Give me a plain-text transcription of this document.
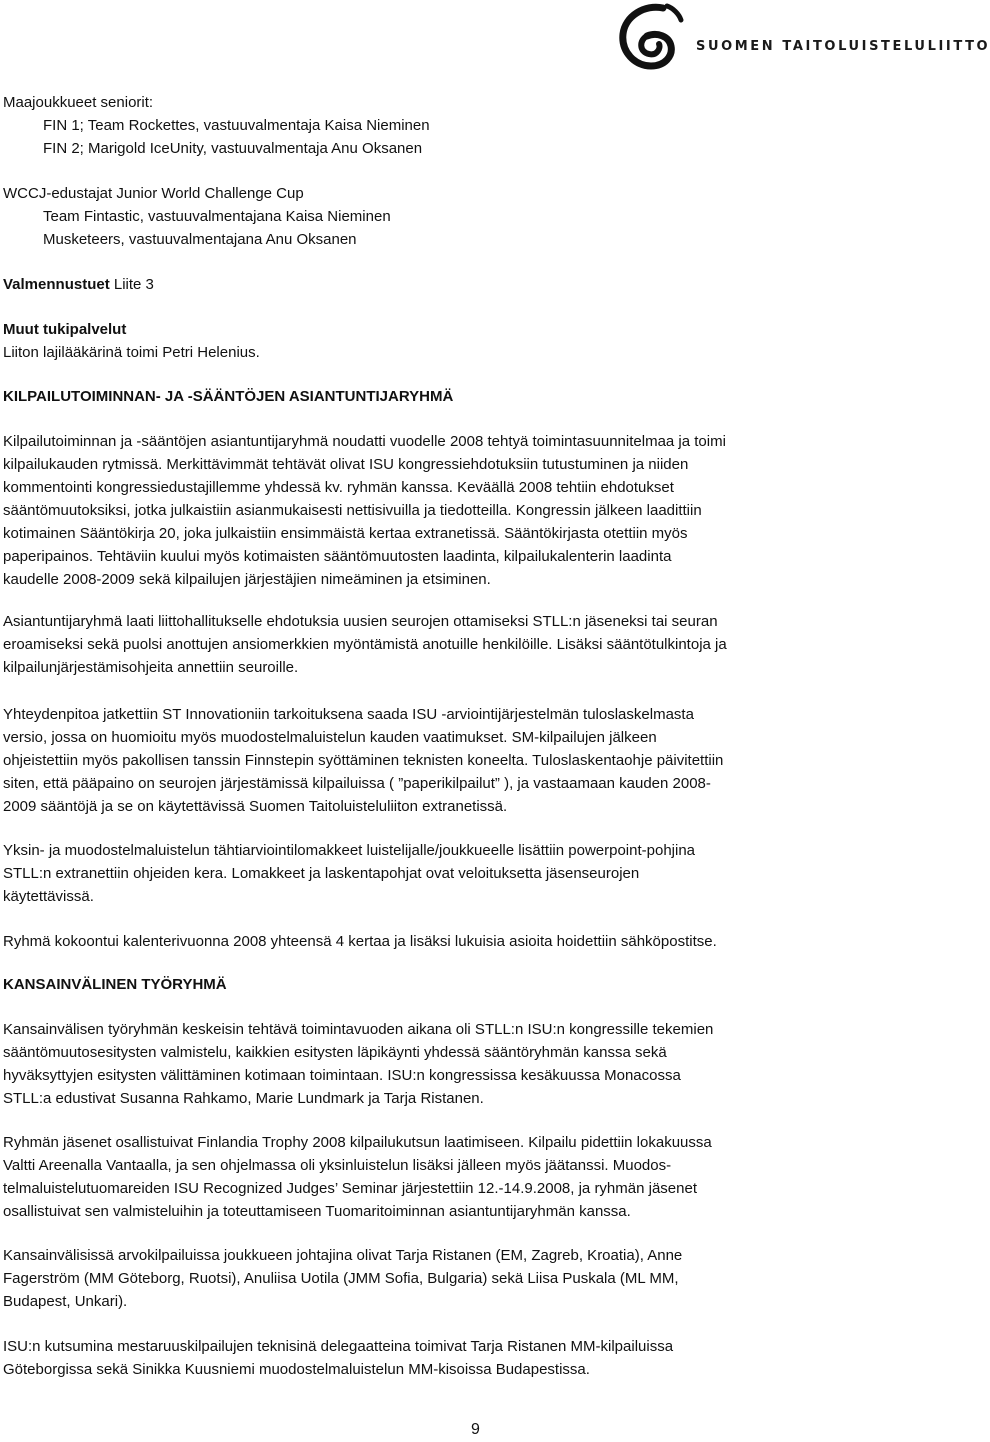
SUOMEN TAITOLUISTELULIITTO
Maajoukkueet seniorit:
FIN 1; Team Rockettes, vastuuvalmentaja Kaisa Nieminen
FIN 2; Marigold IceUnity, vastuuvalmentaja Anu Oksanen
WCCJ-edustajat Junior World Challenge Cup
Team Fintastic, vastuuvalmentajana Kaisa Nieminen
Musketeers, vastuuvalmentajana Anu Oksanen
Valmennustuet Liite 3
Muut tukipalvelut
Liiton lajilääkärinä toimi Petri Helenius.
KILPAILUTOIMINNAN- JA -SÄÄNTÖJEN ASIANTUNTIJARYHMÄ
Kilpailutoiminnan ja -sääntöjen asiantuntijaryhmä noudatti vuodelle 2008 tehtyä toimintasuunnitelmaa ja toimi
kilpailukauden rytmissä. Merkittävimmät tehtävät olivat ISU kongressiehdotuksiin tutustuminen ja niiden
kommentointi kongressiedustajillemme yhdessä kv. ryhmän kanssa. Keväällä 2008 tehtiin ehdotukset
sääntömuutoksiksi, jotka julkaistiin asianmukaisesti nettisivuilla ja tiedotteilla. Kongressin jälkeen laadittiin
kotimainen Sääntökirja 20, joka julkaistiin ensimmäistä kertaa extranetissä. Sääntökirjasta otettiin myös
paperipainos. Tehtäviin kuului myös kotimaisten sääntömuutosten laadinta, kilpailukalenterin laadinta
kaudelle 2008-2009 sekä kilpailujen järjestäjien nimeäminen ja etsiminen.
Asiantuntijaryhmä laati liittohallitukselle ehdotuksia uusien seurojen ottamiseksi STLL:n jäseneksi tai seuran
eroamiseksi sekä puolsi anottujen ansiomerkkien myöntämistä anotuille henkilöille. Lisäksi sääntötulkintoja ja
kilpailunjärjestämisohjeita annettiin seuroille.
Yhteydenpitoa jatkettiin ST Innovationiin tarkoituksena saada ISU -arviointijärjestelmän tuloslaskelmasta
versio, jossa on huomioitu myös muodostelmaluistelun kauden vaatimukset. SM-kilpailujen jälkeen
ohjeistettiin myös pakollisen tanssin Finnstepin syöttäminen teknisten koneelta. Tuloslaskentaohje päivitettiin
siten, että pääpaino on seurojen järjestämissä kilpailuissa ( ”paperikilpailut” ), ja vastaamaan kauden 2008-
2009 sääntöjä ja se on käytettävissä Suomen Taitoluisteluliiton extranetissä.
Yksin- ja muodostelmaluistelun tähtiarviointilomakkeet luistelijalle/joukkueelle lisättiin powerpoint-pohjina
STLL:n extranettiin ohjeiden kera. Lomakkeet ja laskentapohjat ovat veloituksetta jäsenseurojen
käytettävissä.
Ryhmä kokoontui kalenterivuonna 2008 yhteensä 4 kertaa ja lisäksi lukuisia asioita hoidettiin sähköpostitse.
KANSAINVÄLINEN TYÖRYHMÄ
Kansainvälisen työryhmän keskeisin tehtävä toimintavuoden aikana oli STLL:n ISU:n kongressille tekemien
sääntömuutosesitysten valmistelu, kaikkien esitysten läpikäynti yhdessä sääntöryhmän kanssa sekä
hyväksyttyjen esitysten välittäminen kotimaan toimintaan. ISU:n kongressissa kesäkuussa Monacossa
STLL:a edustivat Susanna Rahkamo, Marie Lundmark ja Tarja Ristanen.
Ryhmän jäsenet osallistuivat Finlandia Trophy 2008 kilpailukutsun laatimiseen. Kilpailu pidettiin lokakuussa
Valtti Areenalla Vantaalla, ja sen ohjelmassa oli yksinluistelun lisäksi jälleen myös jäätanssi. Muodos-
telmaluistelutuomareiden ISU Recognized Judges’ Seminar järjestettiin 12.-14.9.2008, ja ryhmän jäsenet
osallistuivat sen valmisteluihin ja toteuttamiseen Tuomaritoiminnan asiantuntijaryhmän kanssa.
Kansainvälisissä arvokilpailuissa joukkueen johtajina olivat Tarja Ristanen (EM, Zagreb, Kroatia), Anne
Fagerström (MM Göteborg, Ruotsi), Anuliisa Uotila (JMM Sofia, Bulgaria) sekä Liisa Puskala (ML MM,
Budapest, Unkari).
ISU:n kutsumina mestaruuskilpailujen teknisinä delegaatteina toimivat Tarja Ristanen MM-kilpailuissa
Göteborgissa sekä Sinikka Kuusniemi muodostelmaluistelun MM-kisoissa Budapestissa.
9
